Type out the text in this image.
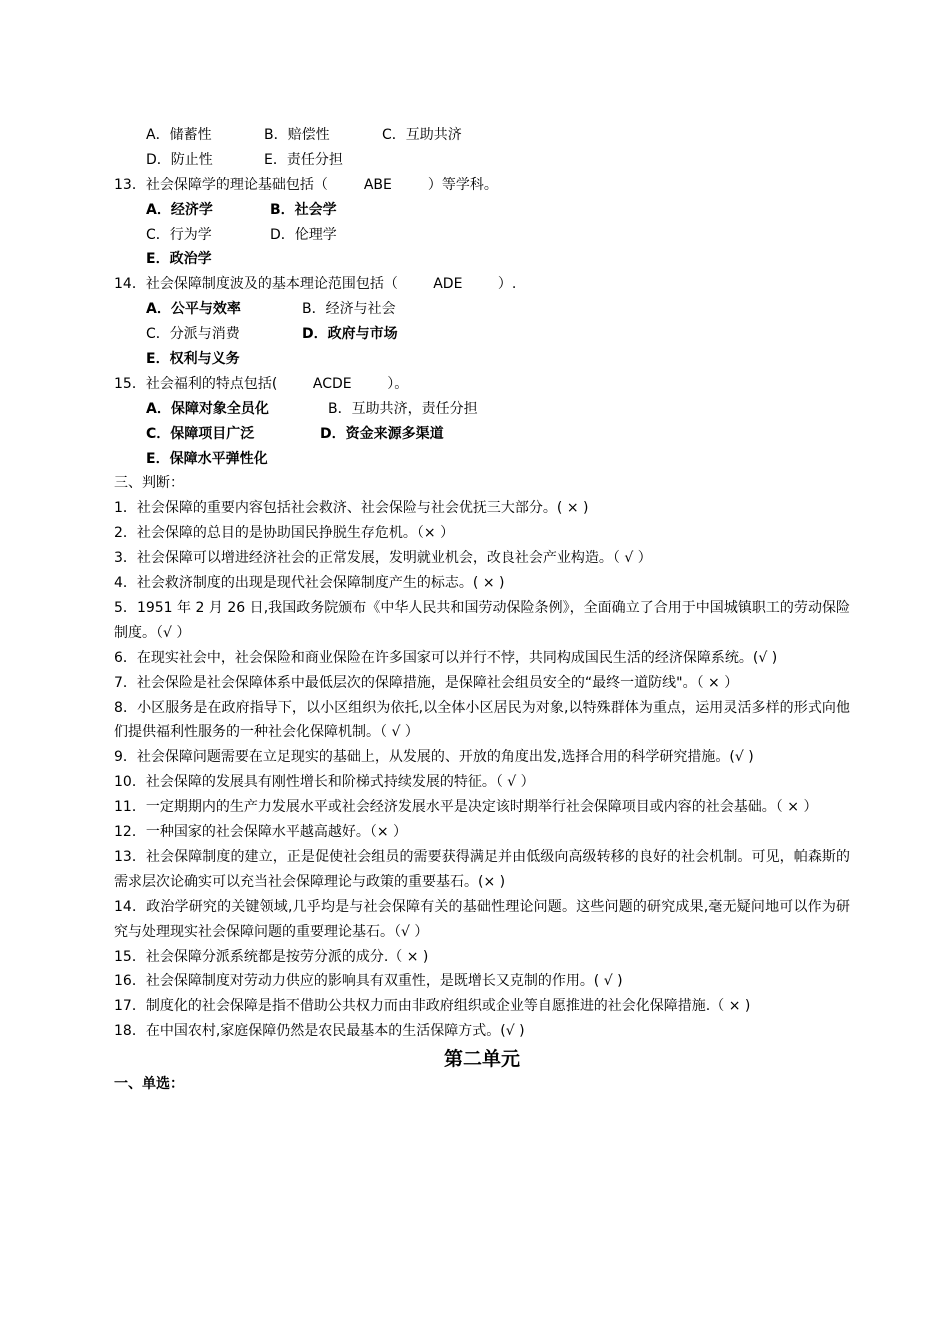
A．储蓄性	B．赔偿性	C．互助共济
D．防止性	E．责任分担
13．社会保障学的理论基础包括（	ABE	）等学科。
A．经济学	B．社会学
C．行为学	D．伦理学
E．政治学
14．社会保障制度波及的基本理论范围包括（	ADE	）.
A．公平与效率	B．经济与社会
C．分派与消费	D．政府与市场
E．权利与义务
15．社会福利的特点包括(	ACDE	）。
A．保障对象全员化	B．互助共济，责任分担
C．保障项目广泛	D．资金来源多渠道
E．保障水平弹性化
三、判断：
1．社会保障的重要内容包括社会救济、社会保险与社会优抚三大部分。( × )
2．社会保障的总目的是协助国民挣脱生存危机。（× ）
3．社会保障可以增进经济社会的正常发展，发明就业机会，改良社会产业构造。（ √ ）
4．社会救济制度的出现是现代社会保障制度产生的标志。( × )
5．1951 年 2 月 26 日,我国政务院颁布《中华人民共和国劳动保险条例》，全面确立了合用于中国城镇职工的劳动保险制度。（√ ）
6．在现实社会中，社会保险和商业保险在许多国家可以并行不悖，共同构成国民生活的经济保障系统。(√ )
7．社会保险是社会保障体系中最低层次的保障措施，是保障社会组员安全的“最终一道防线"。（ × ）
8．小区服务是在政府指导下，以小区组织为依托,以全体小区居民为对象,以特殊群体为重点，运用灵活多样的形式向他们提供福利性服务的一种社会化保障机制。（ √ ）
9．社会保障问题需要在立足现实的基础上，从发展的、开放的角度出发,选择合用的科学研究措施。(√ )
10．社会保障的发展具有刚性增长和阶梯式持续发展的特征。（ √ ）
11．一定期期内的生产力发展水平或社会经济发展水平是决定该时期举行社会保障项目或内容的社会基础。（ × ）
12．一种国家的社会保障水平越高越好。（× ）
13．社会保障制度的建立，正是促使社会组员的需要获得满足并由低级向高级转移的良好的社会机制。可见，帕森斯的需求层次论确实可以充当社会保障理论与政策的重要基石。(× )
14．政治学研究的关键领域,几乎均是与社会保障有关的基础性理论问题。这些问题的研究成果,毫无疑问地可以作为研究与处理现实社会保障问题的重要理论基石。（√ ）
15．社会保障分派系统都是按劳分派的成分.（ × )
16．社会保障制度对劳动力供应的影响具有双重性，是既增长又克制的作用。( √ )
17．制度化的社会保障是指不借助公共权力而由非政府组织或企业等自愿推进的社会化保障措施.（ × )
18．在中国农村,家庭保障仍然是农民最基本的生活保障方式。(√ )
第二单元
一、单选：
